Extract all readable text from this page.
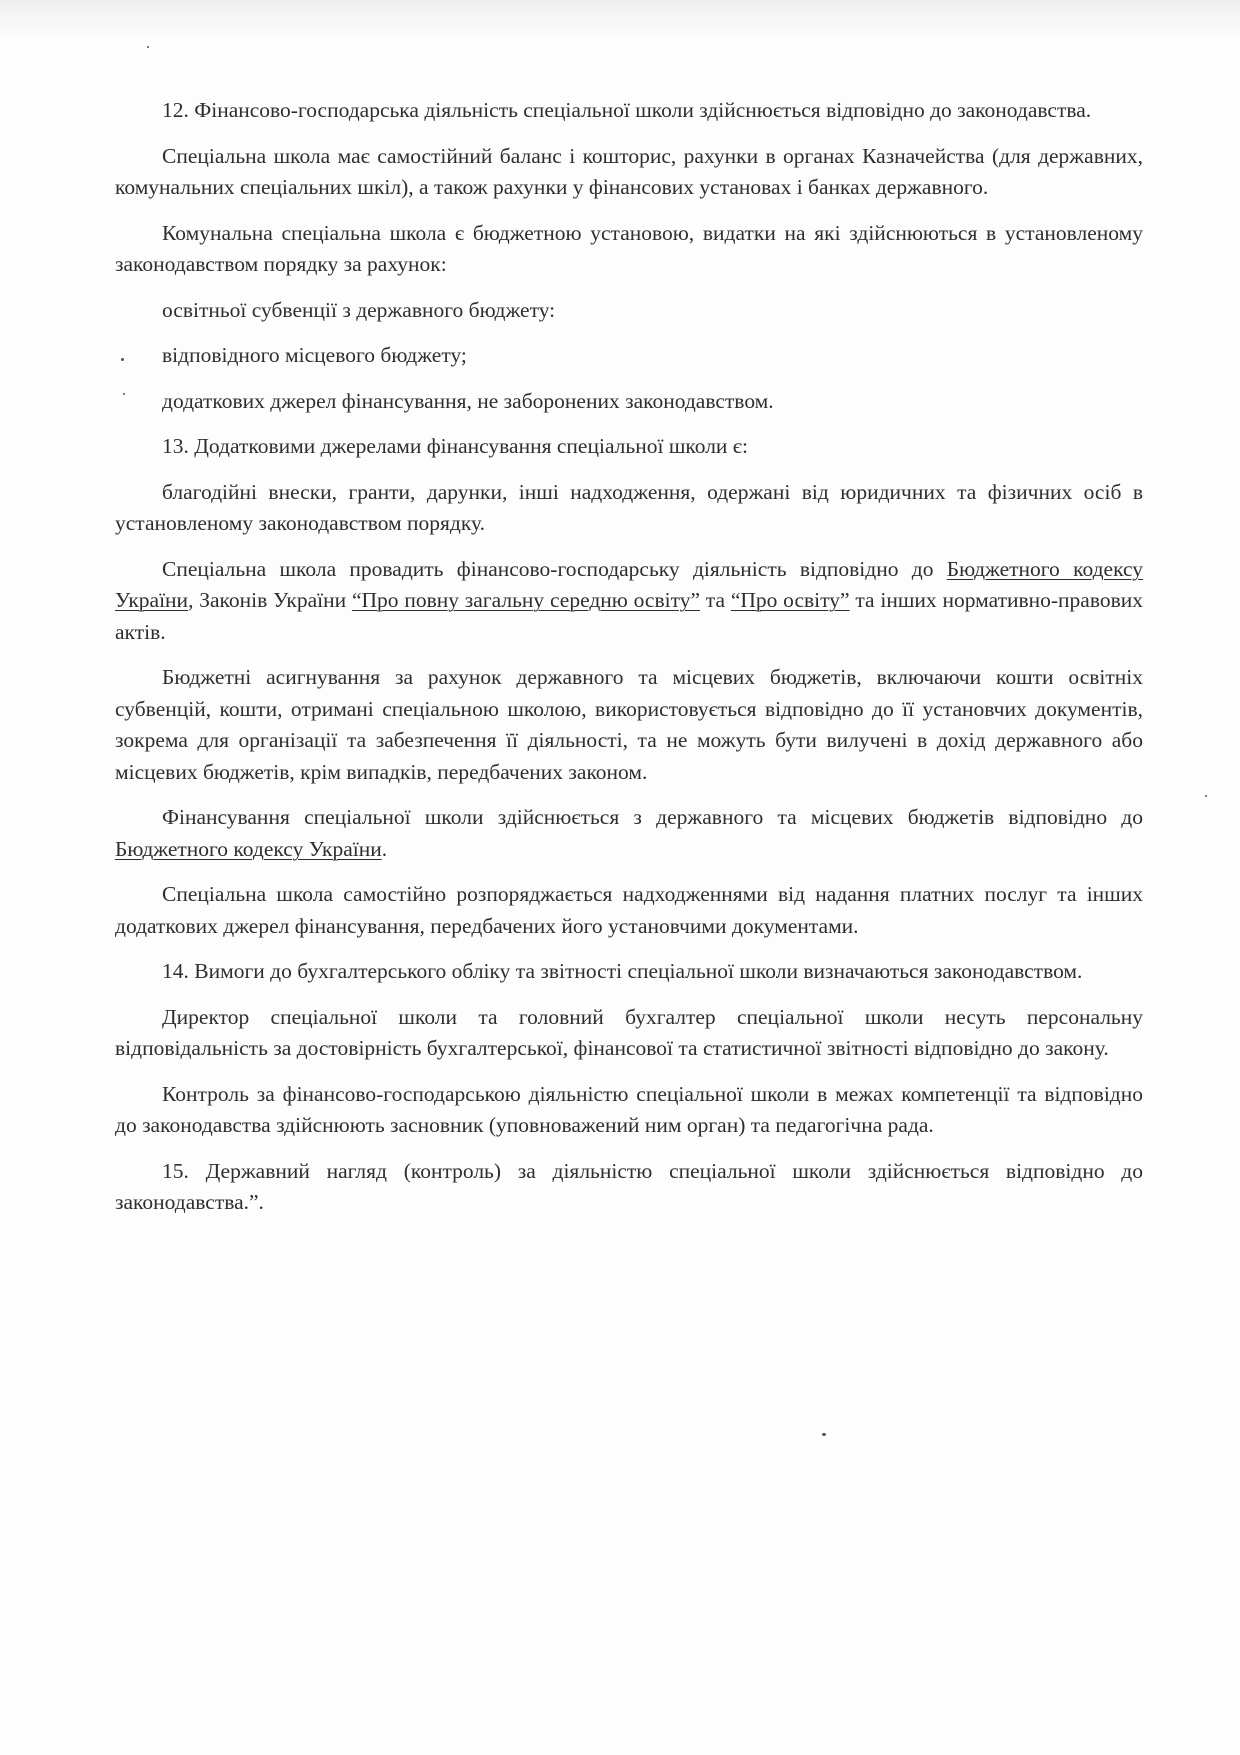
12. Фінансово-господарська діяльність спеціальної школи здійснюється відповідно до законодавства.

Спеціальна школа має самостійний баланс і кошторис, рахунки в органах Казначейства (для державних, комунальних спеціальних шкіл), а також рахунки у фінансових установах і банках державного.

Комунальна спеціальна школа є бюджетною установою, видатки на які здійснюються в установленому законодавством порядку за рахунок:

освітньої субвенції з державного бюджету:

відповідного місцевого бюджету;

додаткових джерел фінансування, не заборонених законодавством.

13. Додатковими джерелами фінансування спеціальної школи є:

благодійні внески, гранти, дарунки, інші надходження, одержані від юридичних та фізичних осіб в установленому законодавством порядку.

Спеціальна школа провадить фінансово-господарську діяльність відповідно до Бюджетного кодексу України, Законів України “Про повну загальну середню освіту” та “Про освіту” та інших нормативно-правових актів.

Бюджетні асигнування за рахунок державного та місцевих бюджетів, включаючи кошти освітніх субвенцій, кошти, отримані спеціальною школою, використовується відповідно до її установчих документів, зокрема для організації та забезпечення її діяльності, та не можуть бути вилучені в дохід державного або місцевих бюджетів, крім випадків, передбачених законом.

Фінансування спеціальної школи здійснюється з державного та місцевих бюджетів відповідно до Бюджетного кодексу України.

Спеціальна школа самостійно розпоряджається надходженнями від надання платних послуг та інших додаткових джерел фінансування, передбачених його установчими документами.

14. Вимоги до бухгалтерського обліку та звітності спеціальної школи визначаються законодавством.

Директор спеціальної школи та головний бухгалтер спеціальної школи несуть персональну відповідальність за достовірність бухгалтерської, фінансової та статистичної звітності відповідно до закону.

Контроль за фінансово-господарською діяльністю спеціальної школи в межах компетенції та відповідно до законодавства здійснюють засновник (уповноважений ним орган) та педагогічна рада.

15. Державний нагляд (контроль) за діяльністю спеціальної школи здійснюється відповідно до законодавства.”.
